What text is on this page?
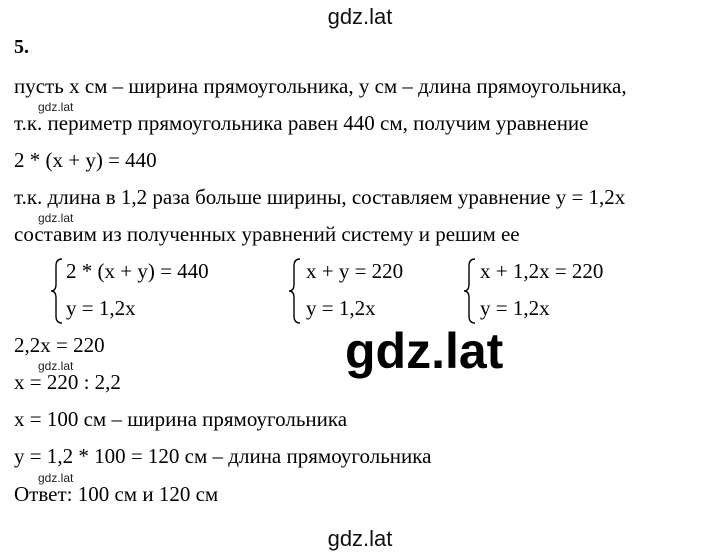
gdz.lat
5.
пусть x см – ширина прямоугольника, y см – длина прямоугольника,
gdz.lat
т.к. периметр прямоугольника равен 440 см, получим уравнение
2 * (x + y) = 440
т.к. длина в 1,2 раза больше ширины, составляем уравнение y = 1,2x
gdz.lat
составим из полученных уравнений систему и решим ее
2 * (x + y) = 440
y = 1,2x
x + y = 220
y = 1,2x
x + 1,2x = 220
y = 1,2x
2,2x = 220	gdz.lat
gdz.lat
x = 220 : 2,2
x = 100 см – ширина прямоугольника
y = 1,2 * 100 = 120 см – длина прямоугольника
gdz.lat
Ответ: 100 см и 120 см
gdz.lat
